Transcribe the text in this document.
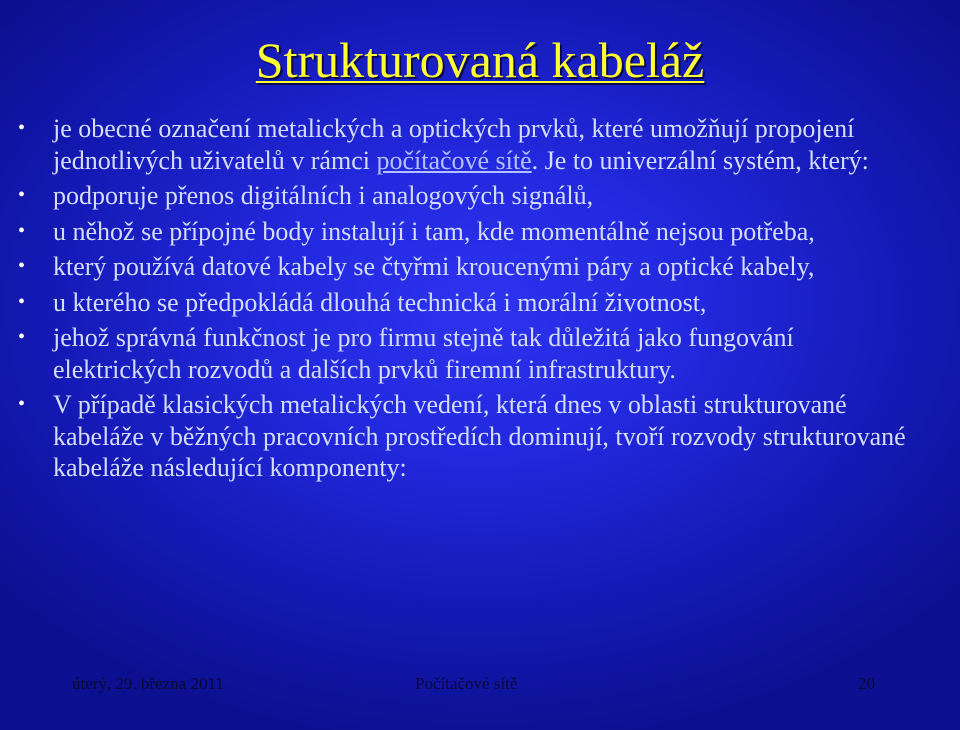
Strukturovaná kabeláž
• je obecné označení metalických a optických prvků, které umožňují propojení jednotlivých uživatelů v rámci počítačové sítě. Je to univerzální systém, který:
• podporuje přenos digitálních i analogových signálů,
• u něhož se přípojné body instalují i tam, kde momentálně nejsou potřeba,
• který používá datové kabely se čtyřmi kroucenými páry a optické kabely,
• u kterého se předpokládá dlouhá technická i morální životnost,
• jehož správná funkčnost je pro firmu stejně tak důležitá jako fungování elektrických rozvodů a dalších prvků firemní infrastruktury.
• V případě klasických metalických vedení, která dnes v oblasti strukturované kabeláže v běžných pracovních prostředích dominují, tvoří rozvody strukturované kabeláže následující komponenty:
úterý, 29. března 2011	Počítačové sítě	20
